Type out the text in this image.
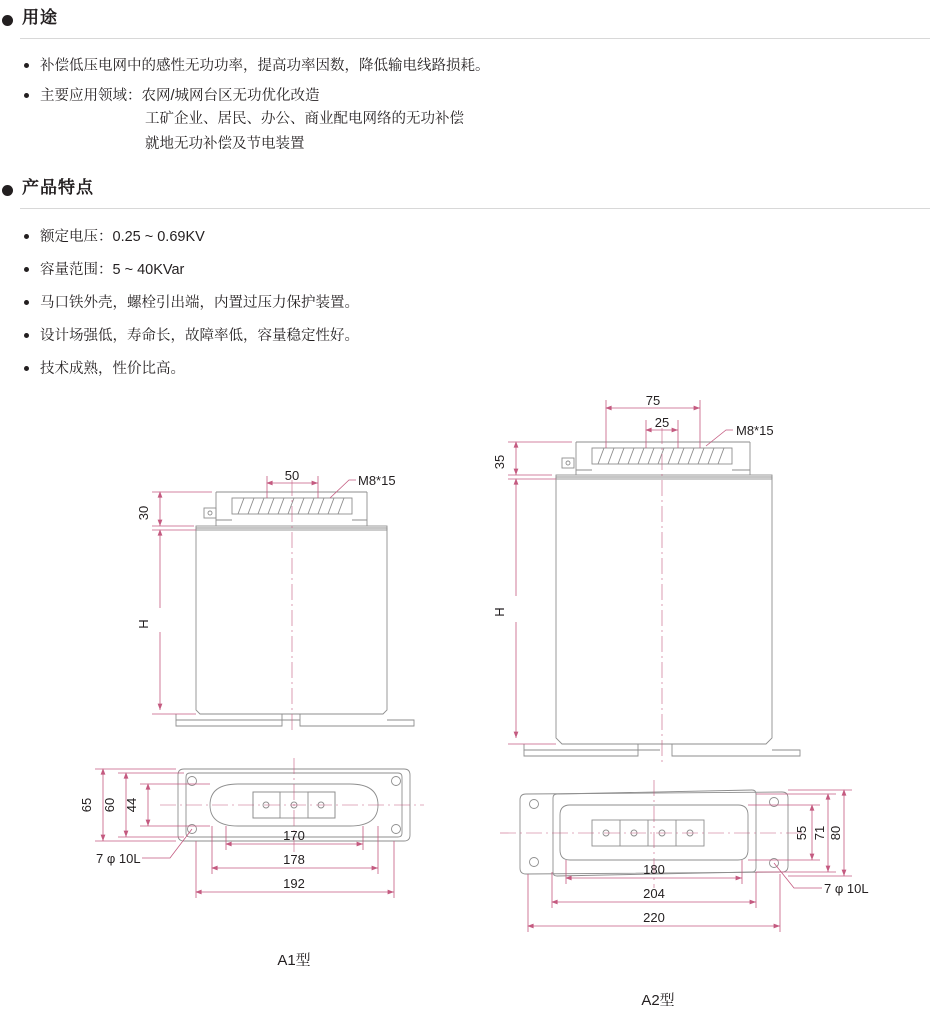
用途
补偿低压电网中的感性无功功率，提高功率因数，降低输电线路损耗。
主要应用领域：农网/城网台区无功优化改造
工矿企业、居民、办公、商业配电网络的无功补偿
就地无功补偿及节电装置
产品特点
额定电压：0.25 ~ 0.69KV
容量范围：5 ~ 40KVar
马口铁外壳，螺栓引出端，内置过压力保护装置。
设计场强低，寿命长，故障率低，容量稳定性好。
技术成熟，性价比高。
50	M8*15
30
H
65 60 44
170
178
192
7 φ 10L
75
25
M8*15
35
H
55 71 80
180
204
220
7 φ 10L
A1型
A2型
